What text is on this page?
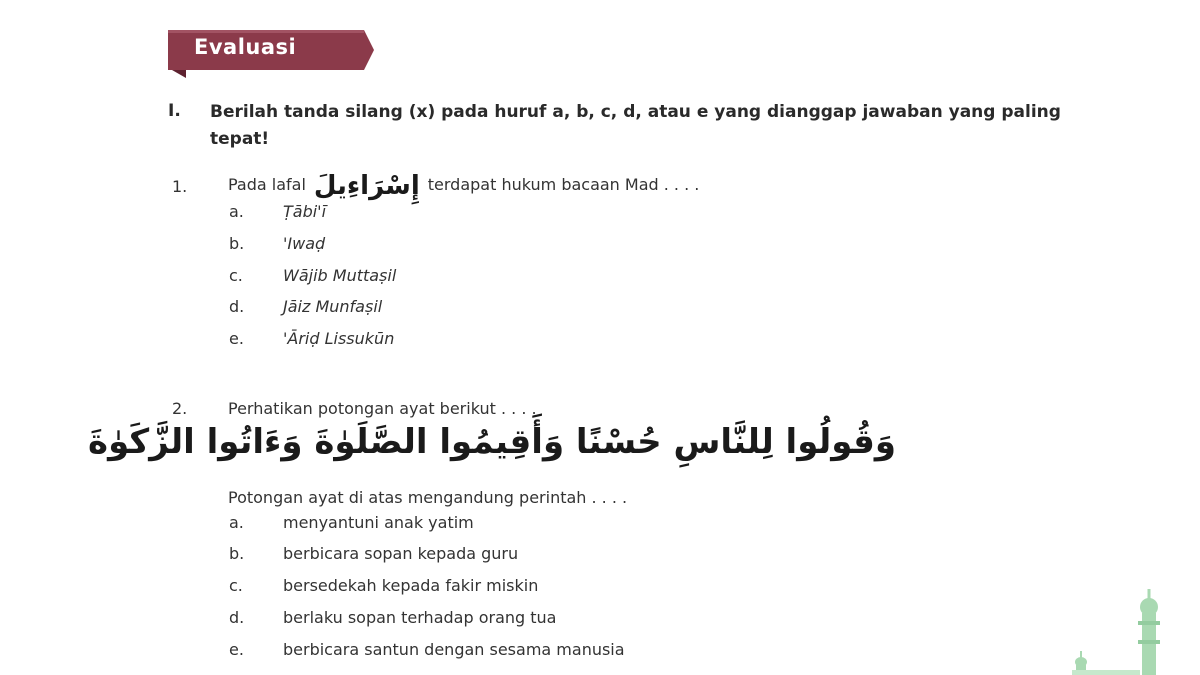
Evaluasi
I. Berilah tanda silang (x) pada huruf a, b, c, d, atau e yang dianggap jawaban yang paling tepat!
1.	Pada lafal إِسْرَاءِيلَ terdapat hukum bacaan Mad . . . .
a. Ṭābi'ī
b. 'Iwaḍ
c.	Wājib Muttaṣil
d. Jāiz Munfaṣil
e. 'Āriḍ Lissukūn
2.	Perhatikan potongan ayat berikut . . . .
وَقُولُوا لِلنَّاسِ حُسْنًا وَأَقِيمُوا الصَّلَوٰةَ وَءَاتُوا الزَّكَوٰةَ
Potongan ayat di atas mengandung perintah . . . .
a. menyantuni anak yatim
b. berbicara sopan kepada guru
c.	bersedekah kepada fakir miskin
d. berlaku sopan terhadap orang tua
e. berbicara santun dengan sesama manusia
